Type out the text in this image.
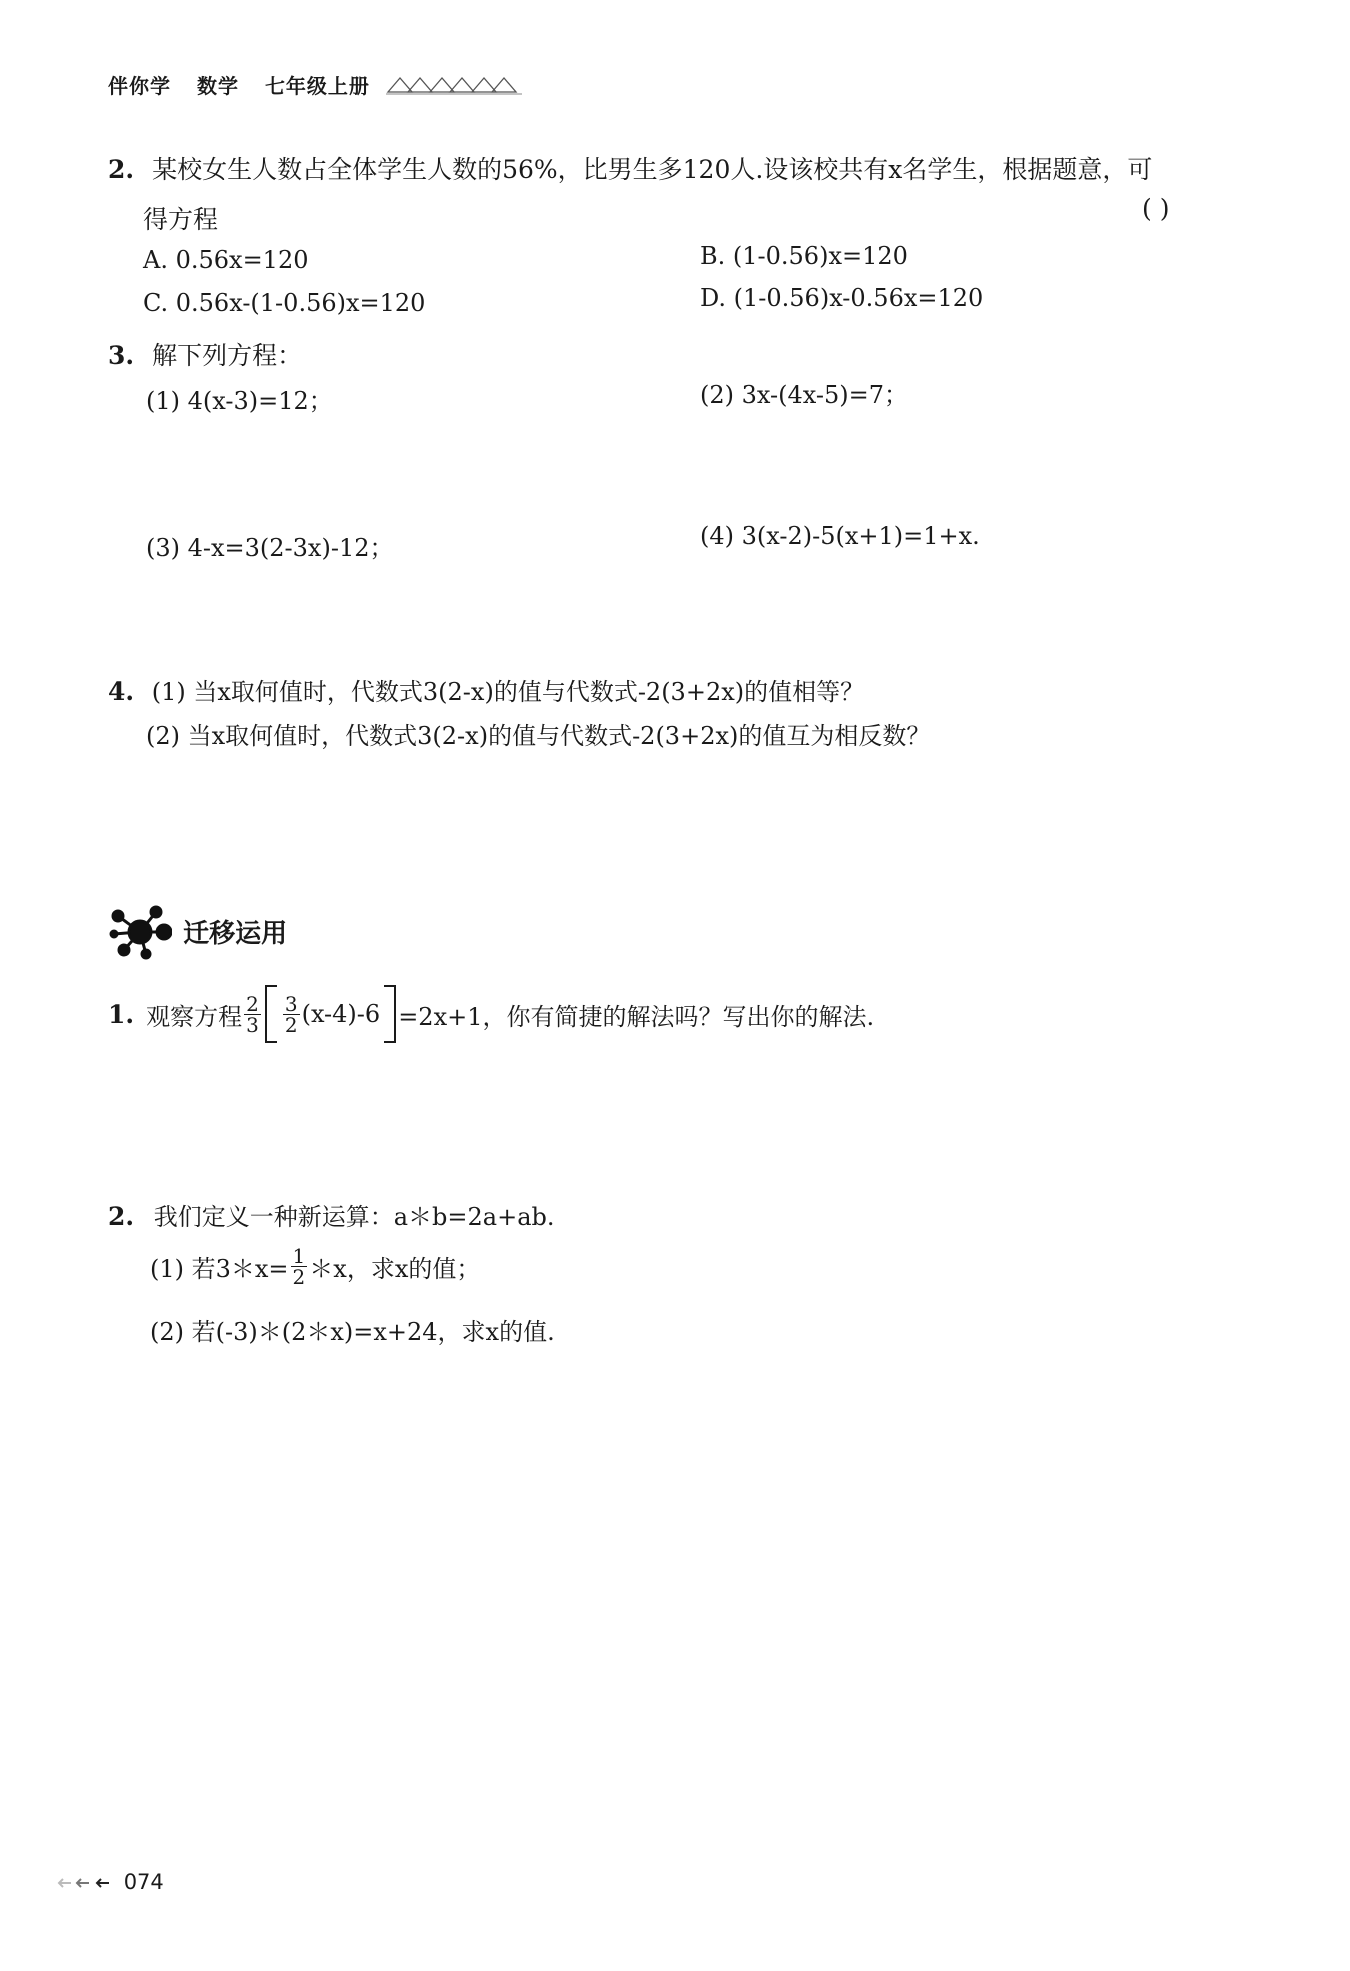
伴你学 数学 七年级上册
2. 某校女生人数占全体学生人数的56%，比男生多120人.设该校共有x名学生，根据题意，可
得方程	( )
A. 0.56x=120	B. (1-0.56)x=120
C. 0.56x-(1-0.56)x=120	D. (1-0.56)x-0.56x=120
3. 解下列方程：
(1) 4(x-3)=12；	(2) 3x-(4x-5)=7；
(3) 4-x=3(2-3x)-12；	(4) 3(x-2)-5(x+1)=1+x.
4. (1) 当x取何值时，代数式3(2-x)的值与代数式-2(3+2x)的值相等？
(2) 当x取何值时，代数式3(2-x)的值与代数式-2(3+2x)的值互为相反数？
迁移运用
1. 观察方程 $\frac{2}{3} \frac{3}{2} (x-4)-6 =2x+1$，你有简捷的解法吗？写出你的解法.
2. 我们定义一种新运算：a＊b=2a+ab.
(1) 若3＊x= $\frac{1}{2}$ ＊x，求x的值；
(2) 若(-3)＊(2＊x)=x+24，求x的值.
074
